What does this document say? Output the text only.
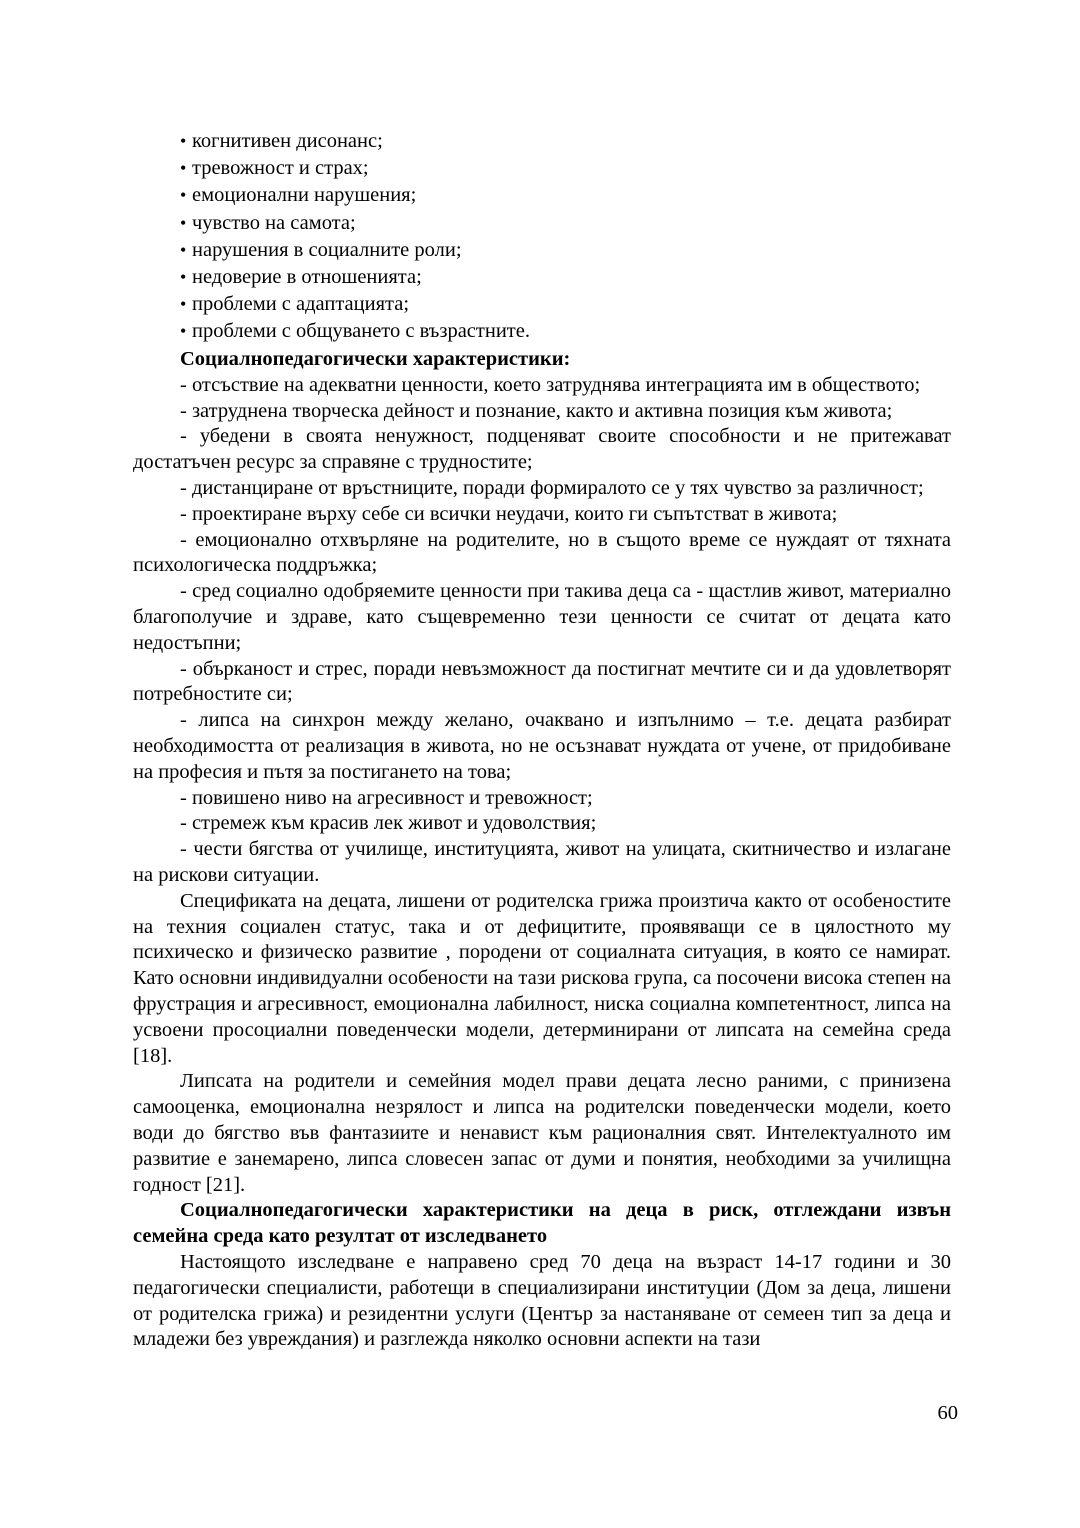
• когнитивен дисонанс;
• тревожност и страх;
• емоционални нарушения;
• чувство на самота;
• нарушения в социалните роли;
• недоверие в отношенията;
• проблеми с адаптацията;
• проблеми с общуването с възрастните.
Социалнопедагогически характеристики:

- отсъствие на адекватни ценности, което затруднява интеграцията им в обществото;

- затруднена творческа дейност и познание, както и активна позиция към живота;

- убедени в своята ненужност, подценяват своите способности и не притежават достатъчен ресурс за справяне с трудностите;

- дистанциране от връстниците, поради формиралото се у тях чувство за различност;

- проектиране върху себе си всички неудачи, които ги съпътстват в живота;

- емоционално отхвърляне на родителите, но в същото време се нуждаят от тяхната психологическа поддръжка;

- сред социално одобряемите ценности при такива деца са - щастлив живот, материално благополучие и здраве, като същевременно тези ценности се считат от децата като недостъпни;

- обърканост и стрес, поради невъзможност да постигнат мечтите си и да удовлетворят потребностите си;

- липса на синхрон между желано, очаквано и изпълнимо – т.е. децата разбират необходимостта от реализация в живота, но не осъзнават нуждата от учене, от придобиване на професия и пътя за постигането на това;

- повишено ниво на агресивност и тревожност;

- стремеж към красив лек живот и удоволствия;

- чести бягства от училище, институцията, живот на улицата, скитничество и излагане на рискови ситуации.

Спецификата на децата, лишени от родителска грижа произтича както от особеностите на техния социален статус, така и от дефицитите, проявяващи се в цялостното му психическо и физическо развитие , породени от социалната ситуация, в която се намират. Като основни индивидуални особености на тази рискова група, са посочени висока степен на фрустрация и агресивност, емоционална лабилност, ниска социална компетентност, липса на усвоени просоциални поведенчески модели, детерминирани от липсата на семейна среда [18].

Липсата на родители и семейния модел прави децата лесно раними, с принизена самооценка, емоционална незрялост и липса на родителски поведенчески модели, което води до бягство във фантазиите и ненавист към рационалния свят. Интелектуалното им развитие е занемарено, липса словесен запас от думи и понятия, необходими за училищна годност [21].

Социалнопедагогически характеристики на деца в риск, отглеждани извън семейна среда като резултат от изследването

Настоящото изследване е направено сред 70 деца на възраст 14-17 години и 30 педагогически специалисти, работещи в специализирани институции (Дом за деца, лишени от родителска грижа) и резидентни услуги (Център за настаняване от семеен тип за деца и младежи без увреждания) и разглежда няколко основни аспекти на тази

60
